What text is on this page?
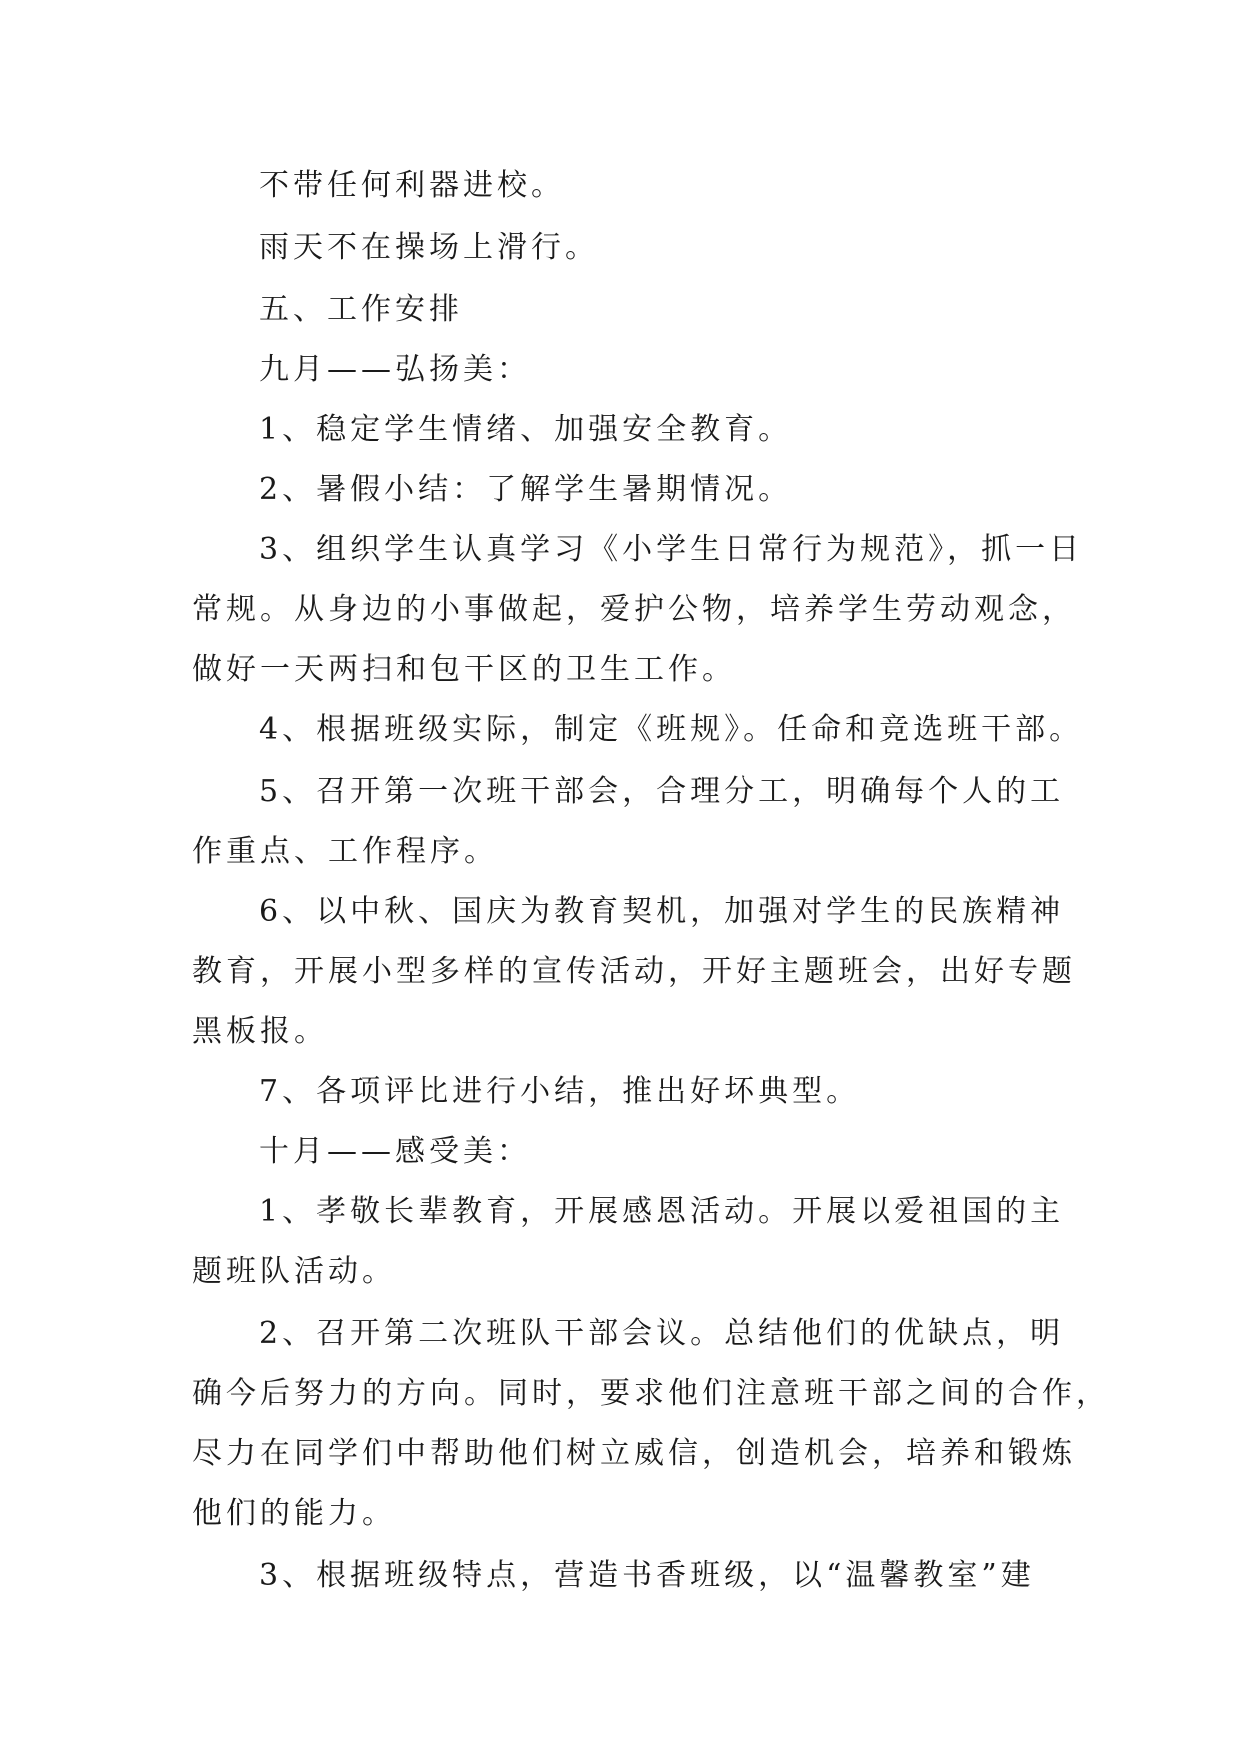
不带任何利器进校。
雨天不在操场上滑行。
五、工作安排
九月——弘扬美：
1、稳定学生情绪、加强安全教育。
2、暑假小结：了解学生暑期情况。
3、组织学生认真学习《小学生日常行为规范》，抓一日
常规。从身边的小事做起，爱护公物，培养学生劳动观念，
做好一天两扫和包干区的卫生工作。
4、根据班级实际，制定《班规》。任命和竞选班干部。
5、召开第一次班干部会，合理分工，明确每个人的工
作重点、工作程序。
6、以中秋、国庆为教育契机，加强对学生的民族精神
教育，开展小型多样的宣传活动，开好主题班会，出好专题
黑板报。
7、各项评比进行小结，推出好坏典型。
十月——感受美：
1、孝敬长辈教育，开展感恩活动。开展以爱祖国的主
题班队活动。
2、召开第二次班队干部会议。总结他们的优缺点，明
确今后努力的方向。同时，要求他们注意班干部之间的合作，
尽力在同学们中帮助他们树立威信，创造机会，培养和锻炼
他们的能力。
3、根据班级特点，营造书香班级，以“温馨教室”建
